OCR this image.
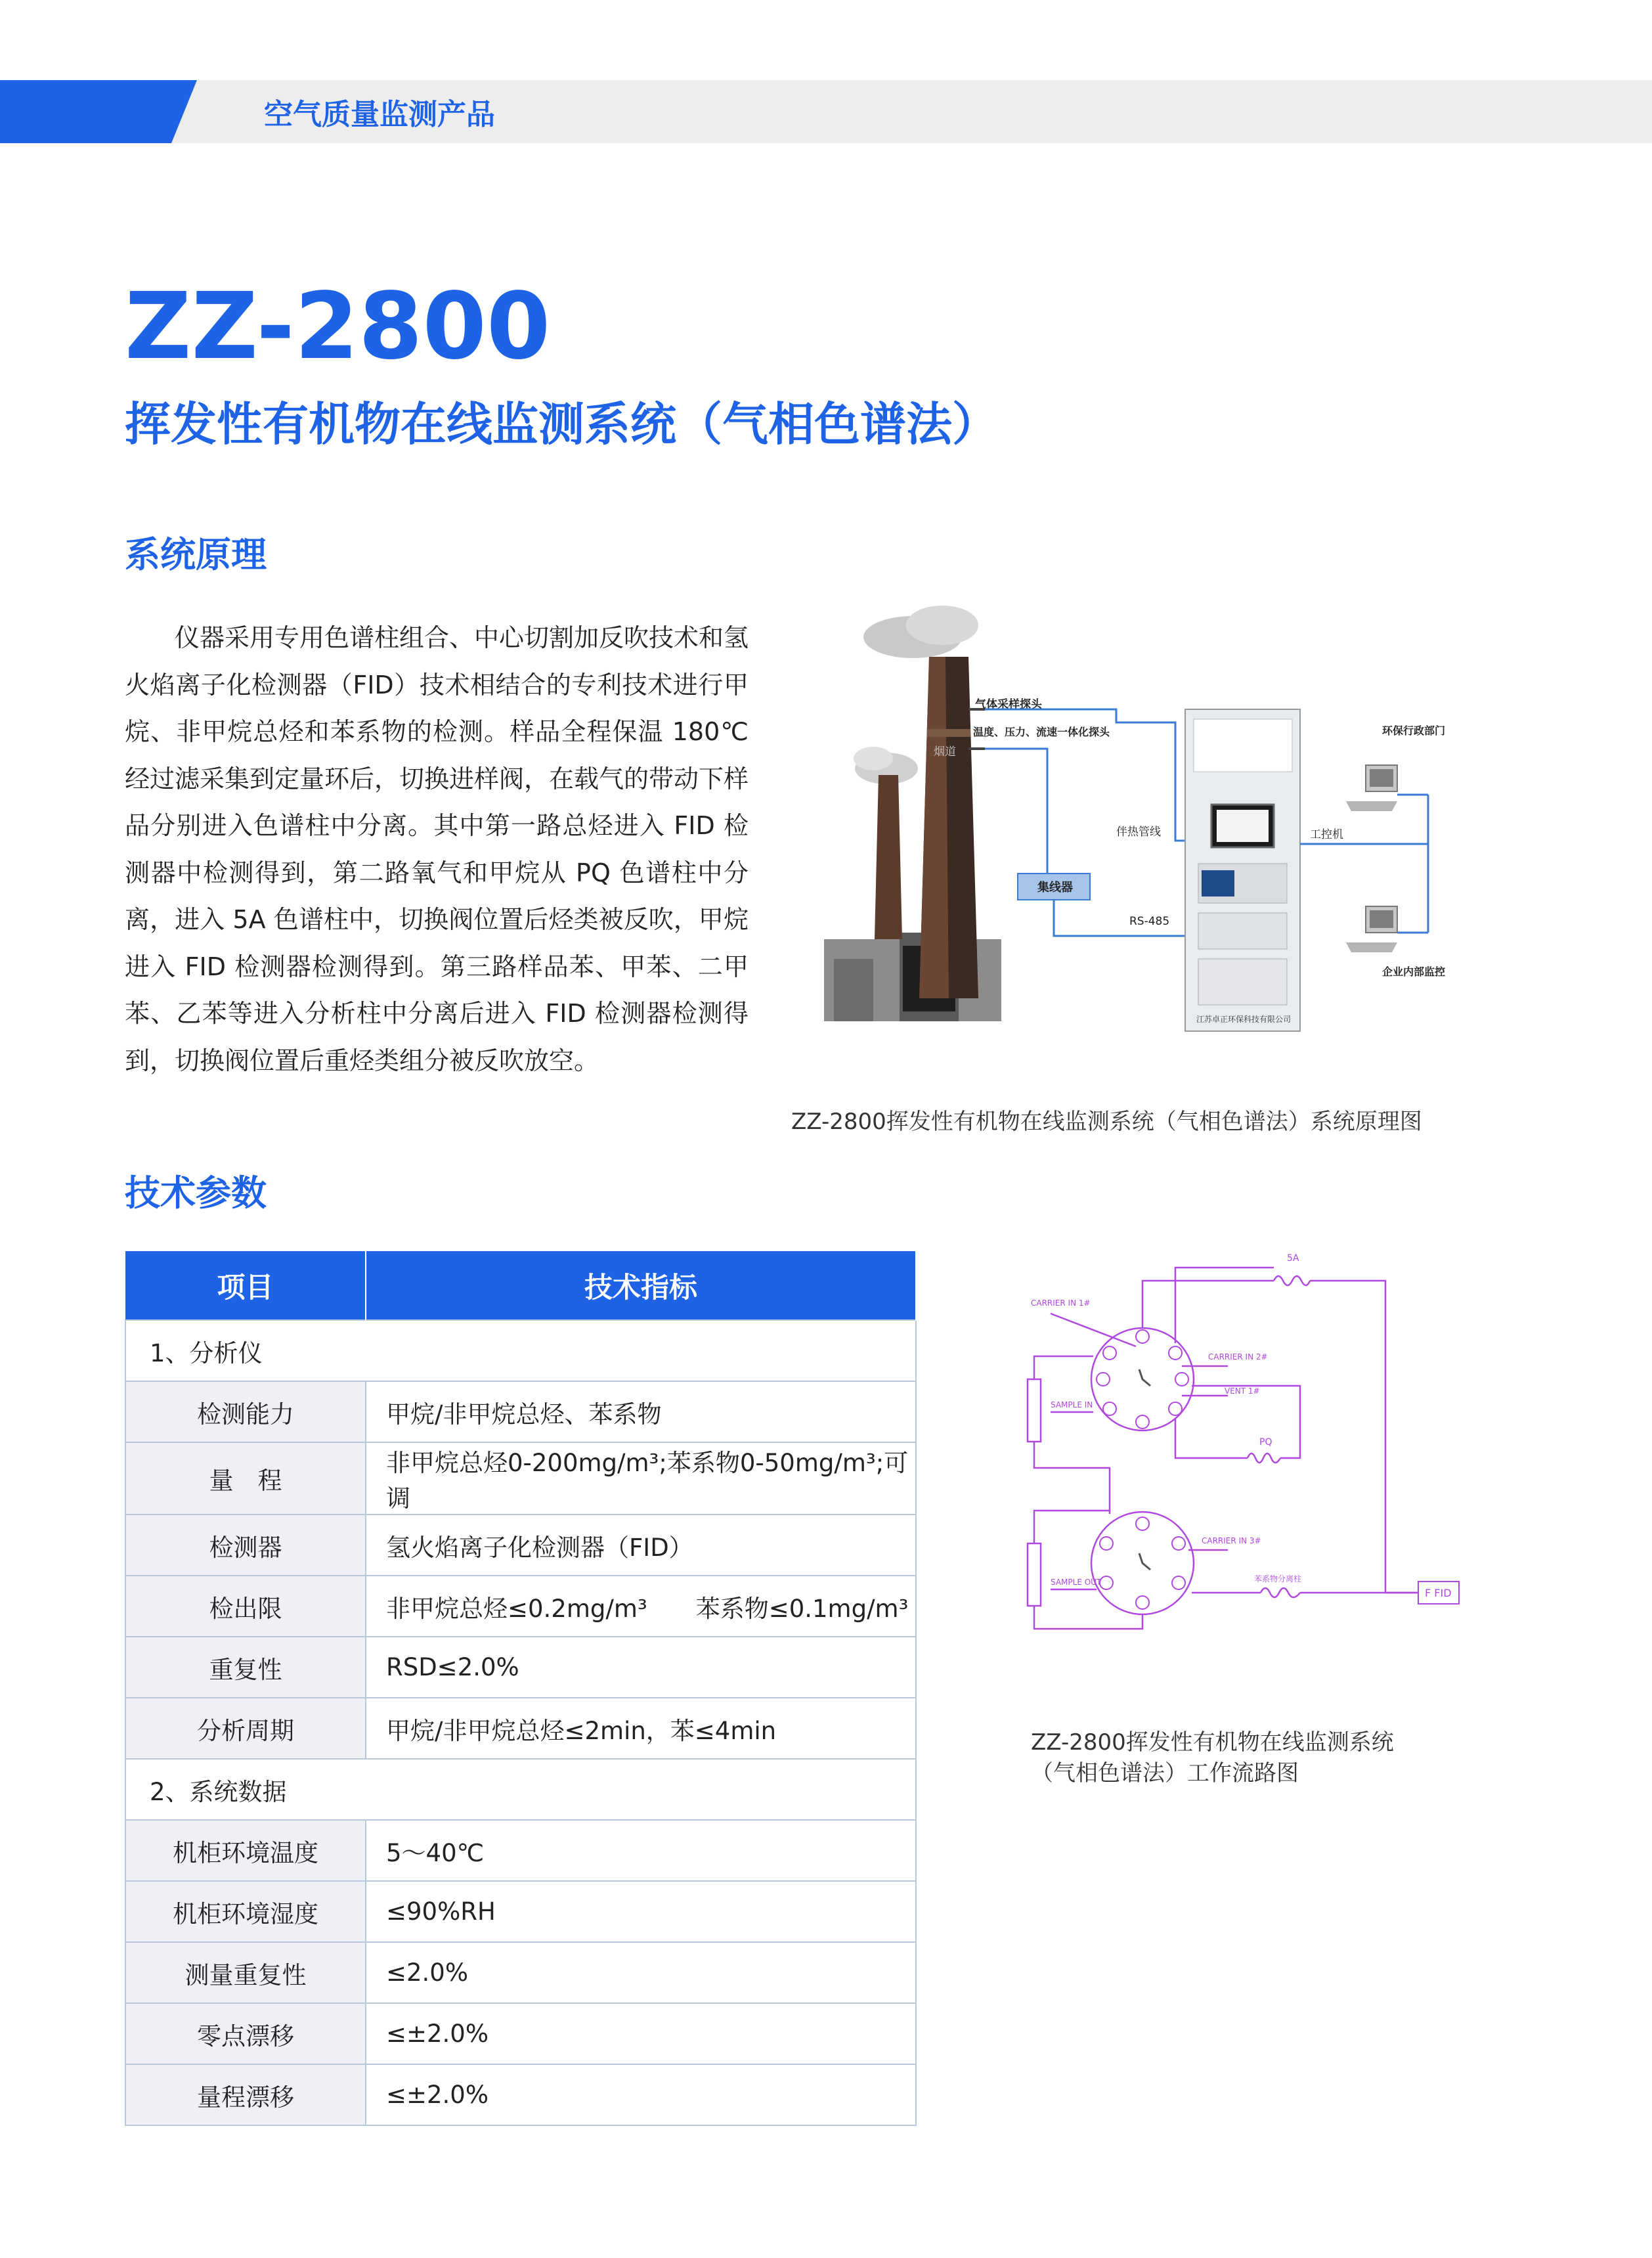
空气质量监测产品
ZZ-2800
挥发性有机物在线监测系统（气相色谱法）
系统原理

仪器采用专用色谱柱组合、中心切割加反吹技术和氢火焰离子化检测器（FID）技术相结合的专利技术进行甲烷、非甲烷总烃和苯系物的检测。样品全程保温 180℃经过滤采集到定量环后，切换进样阀，在载气的带动下样品分别进入色谱柱中分离。其中第一路总烃进入 FID 检测器中检测得到，第二路氧气和甲烷从 PQ 色谱柱中分离，进入 5A 色谱柱中，切换阀位置后烃类被反吹，甲烷进入 FID 检测器检测得到。第三路样品苯、甲苯、二甲苯、乙苯等进入分析柱中分离后进入 FID 检测器检测得到，切换阀位置后重烃类组分被反吹放空。

烟道
气体采样探头
温度、压力、流速一体化探头
伴热管线
集线器
RS-485
江苏卓正环保科技有限公司
工控机
环保行政部门
企业内部监控
ZZ-2800挥发性有机物在线监测系统（气相色谱法）系统原理图
技术参数
项目	技术指标
1、分析仪	
检测能力	甲烷/非甲烷总烃、苯系物
量　程	非甲烷总烃0-200mg/m³;苯系物0-50mg/m³;可调
检测器	氢火焰离子化检测器（FID）
检出限	非甲烷总烃≤0.2mg/m³　　苯系物≤0.1mg/m³
重复性	RSD≤2.0%
分析周期	甲烷/非甲烷总烃≤2min，苯≤4min
2、系统数据	
机柜环境温度	5～40℃
机柜环境湿度	≤90%RH
测量重复性	≤2.0%
零点漂移	≤±2.0%
量程漂移	≤±2.0%
F FID
5A
PQ
CARRIER IN 1#
CARRIER IN 2#
CARRIER IN 3#
SAMPLE IN
SAMPLE OUT
VENT 1#
苯系物分离柱
ZZ-2800挥发性有机物在线监测系统
（气相色谱法）工作流路图
